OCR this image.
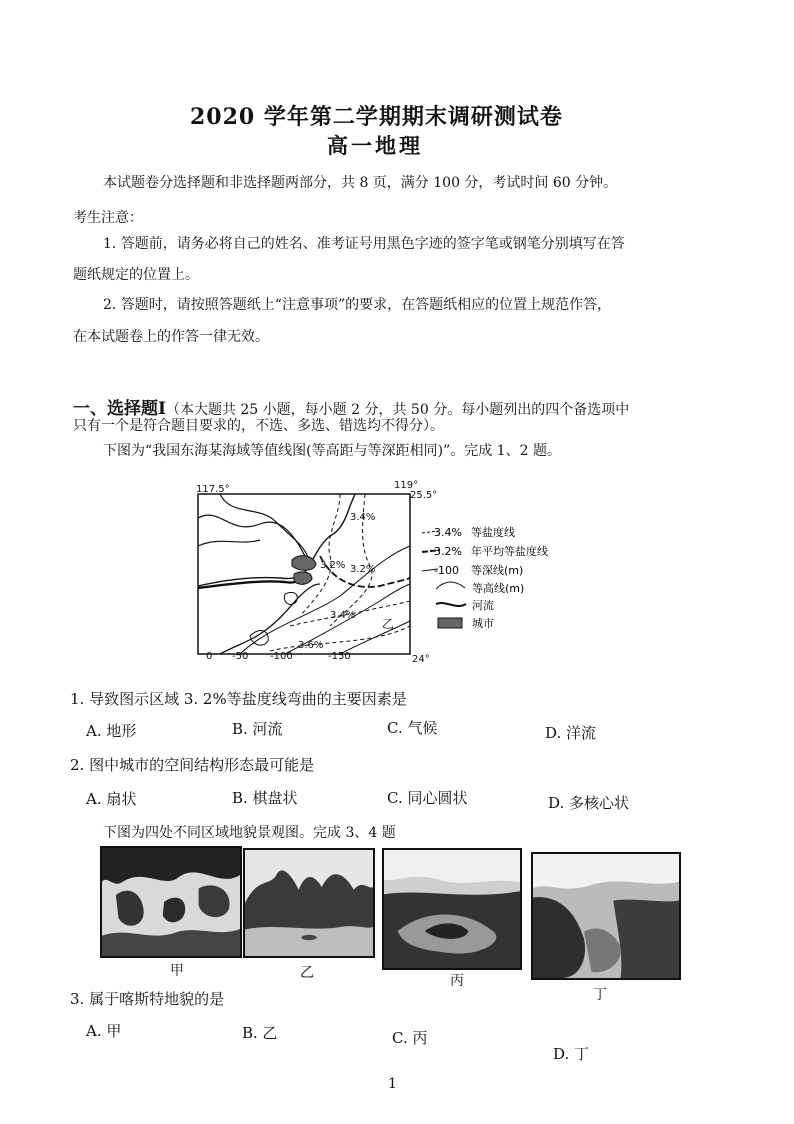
2020 学年第二学期期末调研测试卷
高一地理
本试题卷分选择题和非选择题两部分，共 8 页，满分 100 分，考试时间 60 分钟。
考生注意：
1. 答题前，请务必将自己的姓名、准考证号用黑色字迹的签字笔或钢笔分别填写在答
题纸规定的位置上。
2. 答题时，请按照答题纸上“注意事项”的要求，在答题纸相应的位置上规范作答，
在本试题卷上的作答一律无效。
一、选择题Ⅰ（本大题共 25 小题，每小题 2 分，共 50 分。每小题列出的四个备选项中
只有一个是符合题目要求的，不选、多选、错选均不得分）。
下图为“我国东海某海域等值线图(等高距与等深距相同)”。完成 1、2 题。
117.5°	119°
25.5°
24°
3.4%
3.2% 3.2%
3.4%
3.6%
乙
0 -50 -100	-150
3.4% 等盐度线
3.2% 年平均等盐度线
-100 等深线(m)
等高线(m)
河流
城市
1. 导致图示区域 3. 2%等盐度线弯曲的主要因素是
A. 地形	B. 河流	C. 气候	D. 洋流
2. 图中城市的空间结构形态最可能是
A. 扇状	B. 棋盘状	C. 同心圆状	D. 多核心状
下图为四处不同区域地貌景观图。完成 3、4 题
甲	乙	丙
丁
3. 属于喀斯特地貌的是
A. 甲	B. 乙	C. 丙
D. 丁
1
